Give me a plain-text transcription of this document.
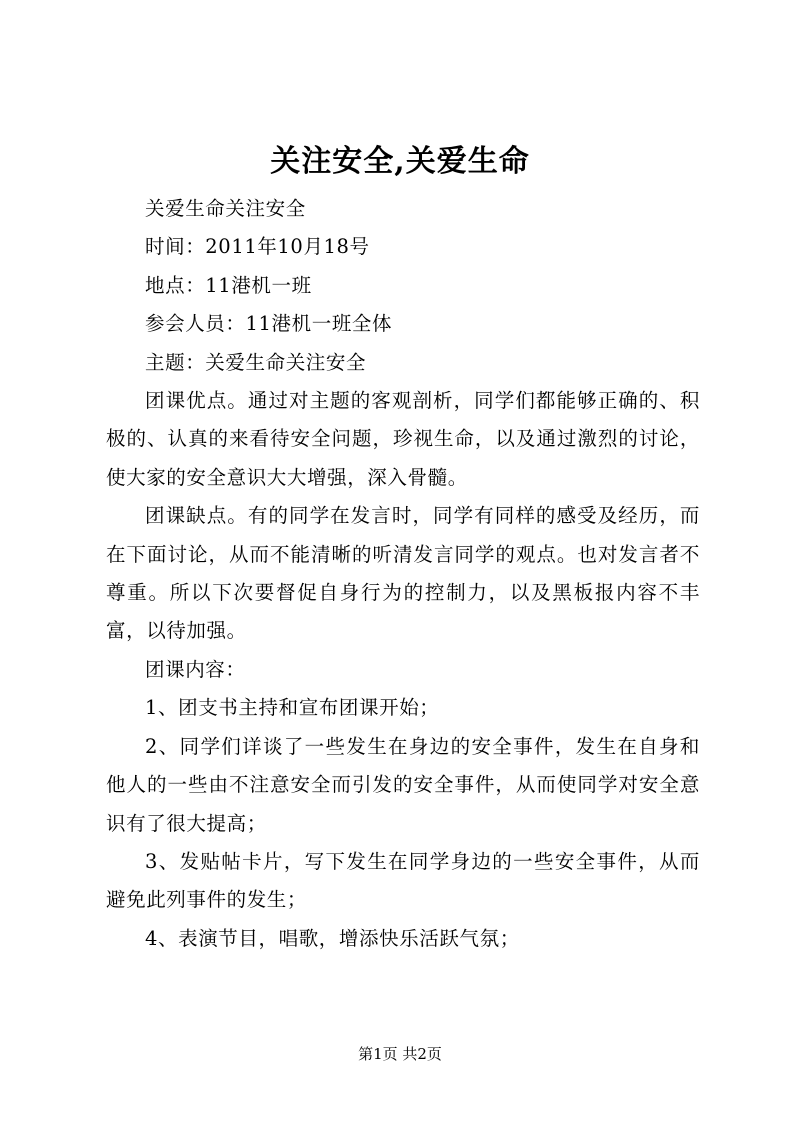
关注安全,关爱生命

关爱生命关注安全

时间：2011年10月18号

地点：11港机一班

参会人员：11港机一班全体

主题：关爱生命关注安全

团课优点。通过对主题的客观剖析，同学们都能够正确的、积极的、认真的来看待安全问题，珍视生命，以及通过激烈的讨论，使大家的安全意识大大增强，深入骨髓。

团课缺点。有的同学在发言时，同学有同样的感受及经历，而在下面讨论，从而不能清晰的听清发言同学的观点。也对发言者不尊重。所以下次要督促自身行为的控制力，以及黑板报内容不丰富，以待加强。

团课内容：

1、团支书主持和宣布团课开始；

2、同学们详谈了一些发生在身边的安全事件，发生在自身和他人的一些由不注意安全而引发的安全事件，从而使同学对安全意识有了很大提高；

3、发贴帖卡片，写下发生在同学身边的一些安全事件，从而避免此列事件的发生；

4、表演节目，唱歌，增添快乐活跃气氛；

第1页 共2页
